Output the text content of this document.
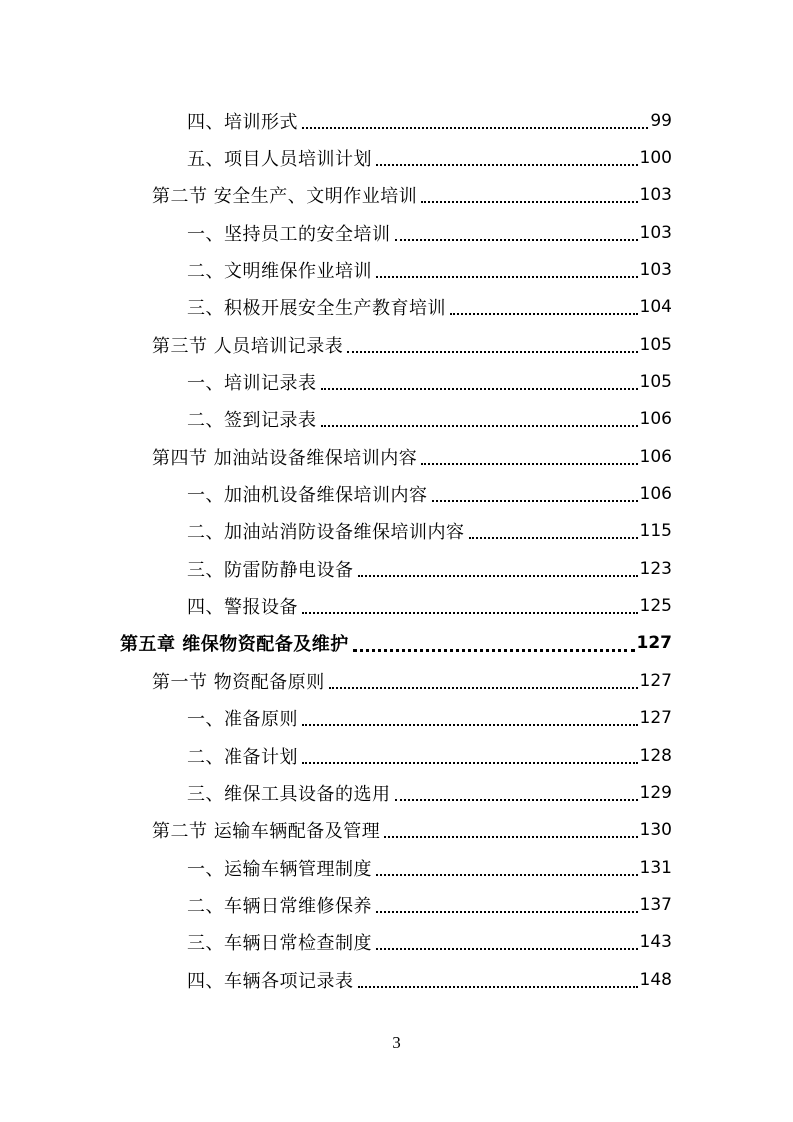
四、培训形式	99
五、项目人员培训计划	100
第二节 安全生产、文明作业培训	103
一、坚持员工的安全培训	103
二、文明维保作业培训	103
三、积极开展安全生产教育培训	104
第三节 人员培训记录表	105
一、培训记录表	105
二、签到记录表	106
第四节 加油站设备维保培训内容	106
一、加油机设备维保培训内容	106
二、加油站消防设备维保培训内容	115
三、防雷防静电设备	123
四、警报设备	125
第五章 维保物资配备及维护	127
第一节 物资配备原则	127
一、准备原则	127
二、准备计划	128
三、维保工具设备的选用	129
第二节 运输车辆配备及管理	130
一、运输车辆管理制度	131
二、车辆日常维修保养	137
三、车辆日常检查制度	143
四、车辆各项记录表	148
3
